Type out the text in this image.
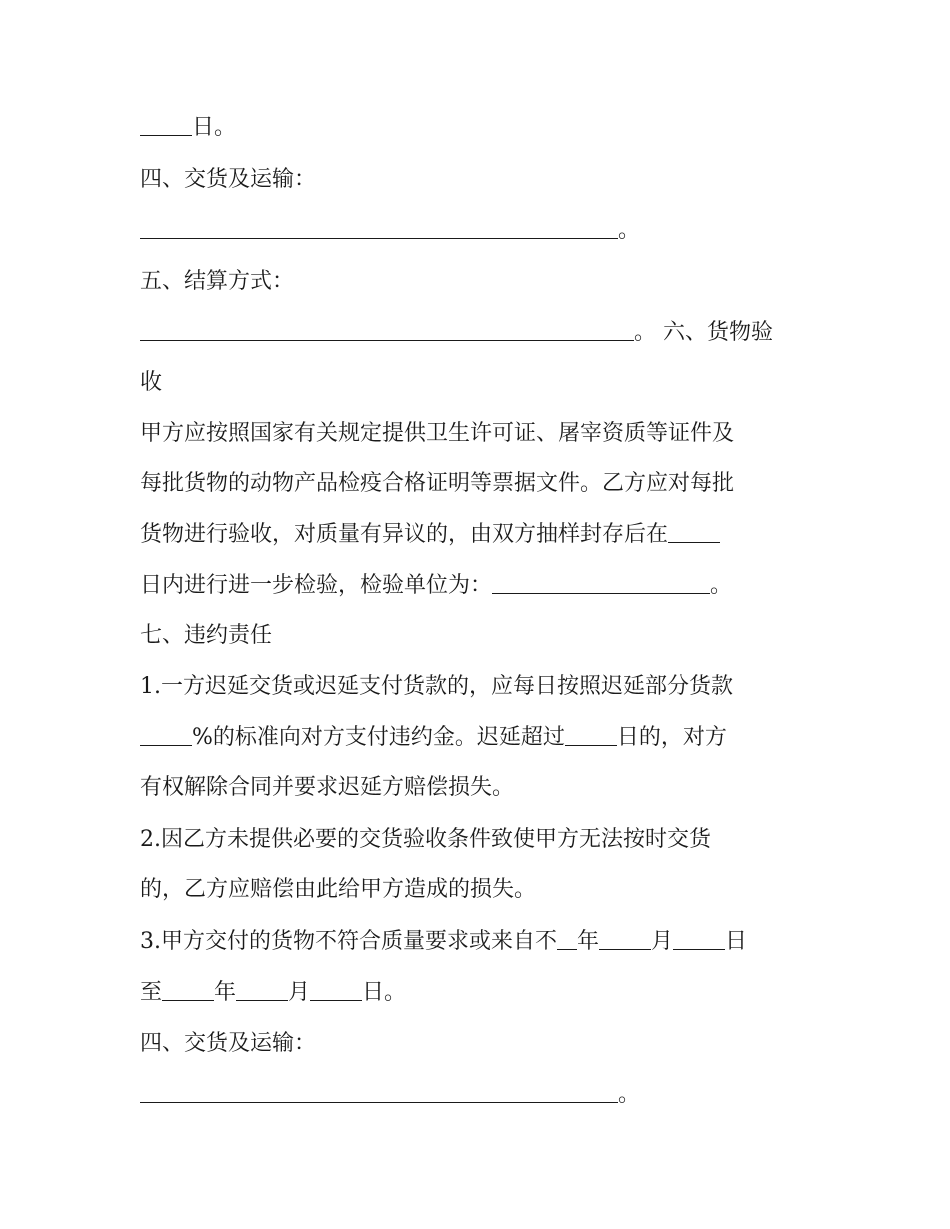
日。
四、交货及运输：
。
五、结算方式：
。 六、货物验
收
甲方应按照国家有关规定提供卫生许可证、屠宰资质等证件及
每批货物的动物产品检疫合格证明等票据文件。乙方应对每批
货物进行验收，对质量有异议的，由双方抽样封存后在
日内进行进一步检验，检验单位为：	。
七、违约责任
1.一方迟延交货或迟延支付货款的，应每日按照迟延部分货款
%的标准向对方支付违约金。迟延超过 日的，对方
有权解除合同并要求迟延方赔偿损失。
2.因乙方未提供必要的交货验收条件致使甲方无法按时交货
的，乙方应赔偿由此给甲方造成的损失。
3.甲方交付的货物不符合质量要求或来自不 年 月 日
至 年 月 日。
四、交货及运输：
。
